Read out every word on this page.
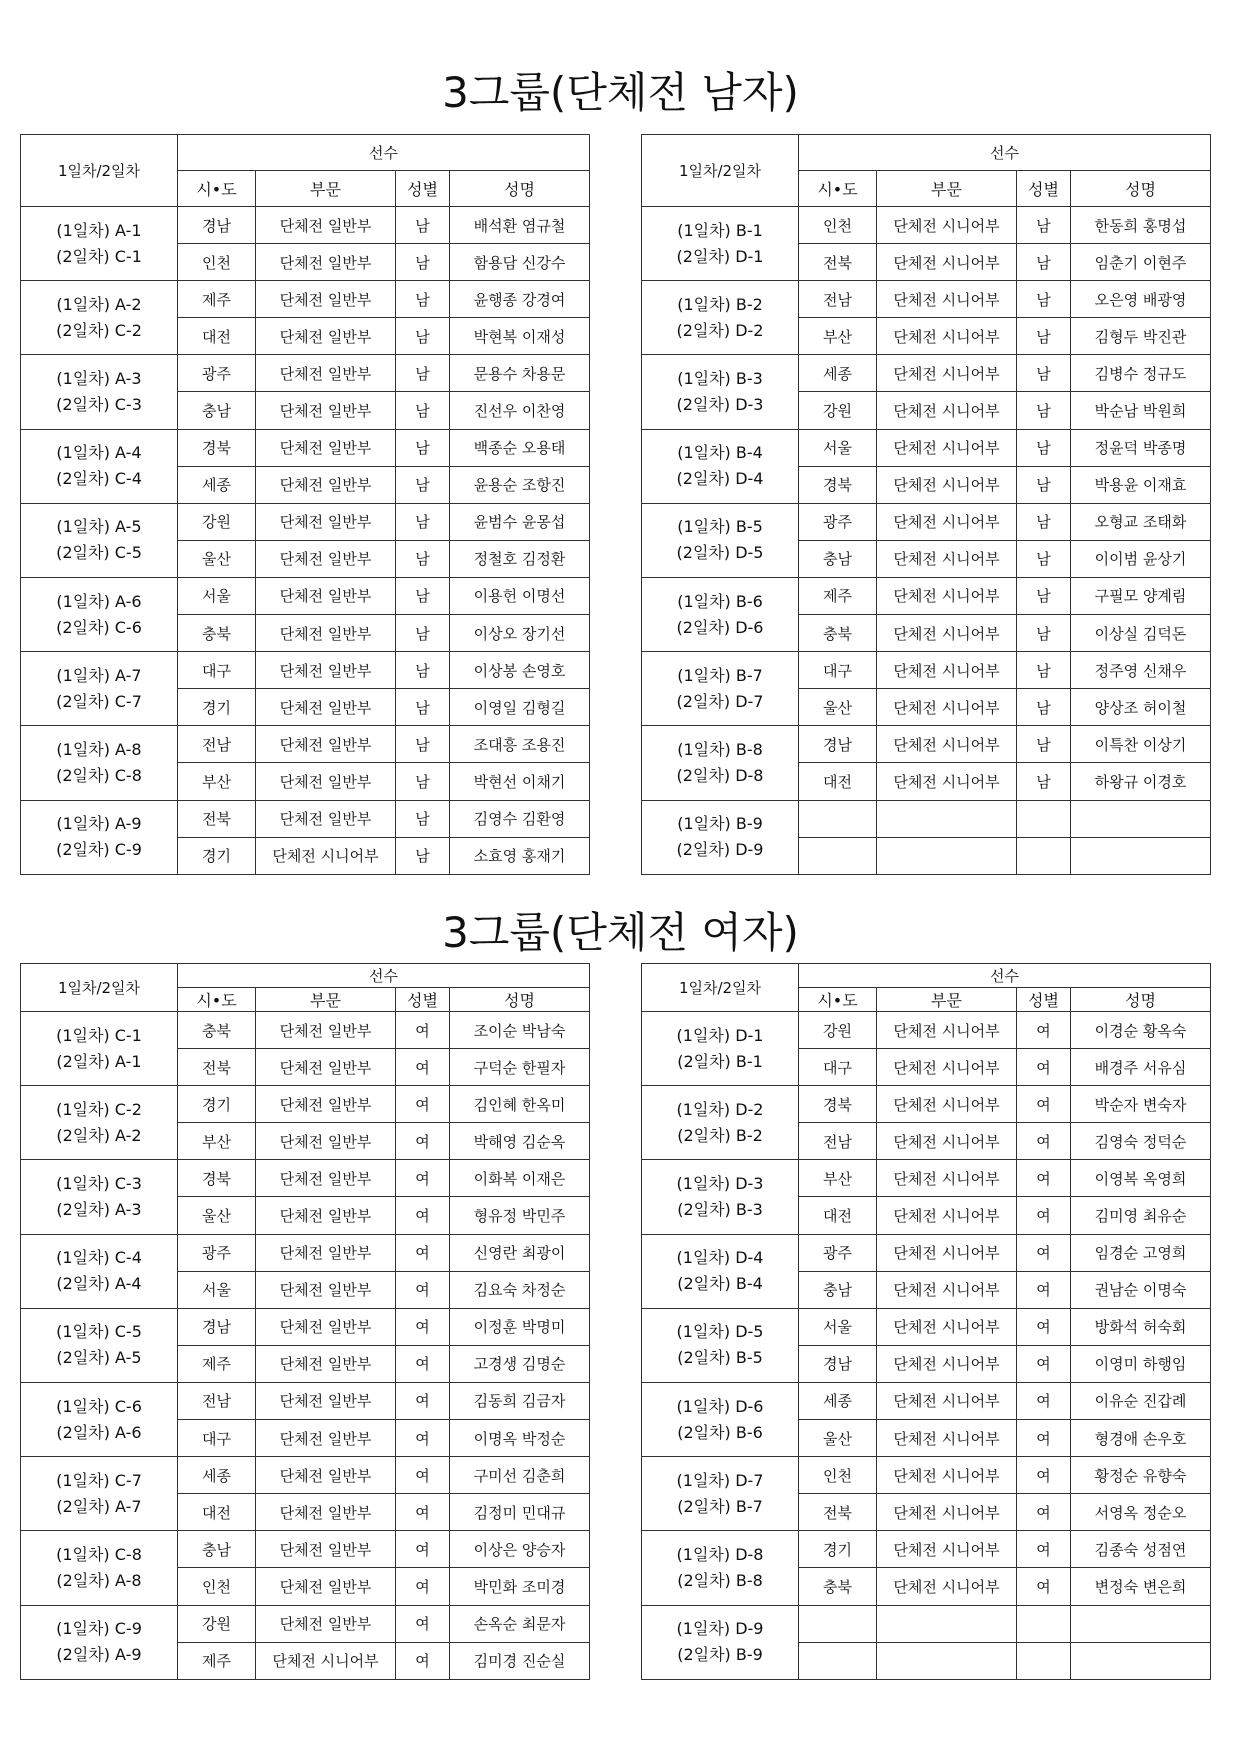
3그룹(단체전 남자)
3그룹(단체전 여자)
1일차/2일차	선수			
	시•도	부문	성별	성명

(1일차) A-1
(2일차) C-1	경남	단체전 일반부	남	배석환 염규철
	인천	단체전 일반부	남	함용담 신강수

(1일차) A-2
(2일차) C-2	제주	단체전 일반부	남	윤행종 강경여
	대전	단체전 일반부	남	박현복 이재성

(1일차) A-3
(2일차) C-3	광주	단체전 일반부	남	문용수 차용문
	충남	단체전 일반부	남	진선우 이찬영

(1일차) A-4
(2일차) C-4	경북	단체전 일반부	남	백종순 오용태
	세종	단체전 일반부	남	윤용순 조항진

(1일차) A-5
(2일차) C-5	강원	단체전 일반부	남	윤범수 윤몽섭
	울산	단체전 일반부	남	정철호 김정환

(1일차) A-6
(2일차) C-6	서울	단체전 일반부	남	이용헌 이명선
	충북	단체전 일반부	남	이상오 장기선

(1일차) A-7
(2일차) C-7	대구	단체전 일반부	남	이상봉 손영호
	경기	단체전 일반부	남	이영일 김형길

(1일차) A-8
(2일차) C-8	전남	단체전 일반부	남	조대흥 조용진
	부산	단체전 일반부	남	박현선 이채기

(1일차) A-9
(2일차) C-9	전북	단체전 일반부	남	김영수 김환영
	경기	단체전 시니어부	남	소효영 홍재기
1일차/2일차	선수			
	시•도	부문	성별	성명

(1일차) B-1
(2일차) D-1	인천	단체전 시니어부	남	한동희 홍명섭
	전북	단체전 시니어부	남	임춘기 이현주

(1일차) B-2
(2일차) D-2	전남	단체전 시니어부	남	오은영 배광영
	부산	단체전 시니어부	남	김형두 박진관

(1일차) B-3
(2일차) D-3	세종	단체전 시니어부	남	김병수 정규도
	강원	단체전 시니어부	남	박순남 박원희

(1일차) B-4
(2일차) D-4	서울	단체전 시니어부	남	정윤덕 박종명
	경북	단체전 시니어부	남	박용윤 이재효

(1일차) B-5
(2일차) D-5	광주	단체전 시니어부	남	오형교 조태화
	충남	단체전 시니어부	남	이이범 윤상기

(1일차) B-6
(2일차) D-6	제주	단체전 시니어부	남	구필모 양계림
	충북	단체전 시니어부	남	이상실 김덕돈

(1일차) B-7
(2일차) D-7	대구	단체전 시니어부	남	정주영 신채우
	울산	단체전 시니어부	남	양상조 허이철

(1일차) B-8
(2일차) D-8	경남	단체전 시니어부	남	이특찬 이상기
	대전	단체전 시니어부	남	하왕규 이경호

(1일차) B-9
(2일차) D-9				

1일차/2일차	선수			
	시•도	부문	성별	성명

(1일차) C-1
(2일차) A-1	충북	단체전 일반부	여	조이순 박남숙
	전북	단체전 일반부	여	구덕순 한필자

(1일차) C-2
(2일차) A-2	경기	단체전 일반부	여	김인혜 한옥미
	부산	단체전 일반부	여	박해영 김순옥

(1일차) C-3
(2일차) A-3	경북	단체전 일반부	여	이화복 이재은
	울산	단체전 일반부	여	형유정 박민주

(1일차) C-4
(2일차) A-4	광주	단체전 일반부	여	신영란 최광이
	서울	단체전 일반부	여	김요숙 차정순

(1일차) C-5
(2일차) A-5	경남	단체전 일반부	여	이정훈 박명미
	제주	단체전 일반부	여	고경생 김명순

(1일차) C-6
(2일차) A-6	전남	단체전 일반부	여	김동희 김금자
	대구	단체전 일반부	여	이명옥 박정순

(1일차) C-7
(2일차) A-7	세종	단체전 일반부	여	구미선 김춘희
	대전	단체전 일반부	여	김정미 민대규

(1일차) C-8
(2일차) A-8	충남	단체전 일반부	여	이상은 양승자
	인천	단체전 일반부	여	박민화 조미경

(1일차) C-9
(2일차) A-9	강원	단체전 일반부	여	손옥순 최문자
	제주	단체전 시니어부	여	김미경 진순실
1일차/2일차	선수			
	시•도	부문	성별	성명

(1일차) D-1
(2일차) B-1	강원	단체전 시니어부	여	이경순 황옥숙
	대구	단체전 시니어부	여	배경주 서유심

(1일차) D-2
(2일차) B-2	경북	단체전 시니어부	여	박순자 변숙자
	전남	단체전 시니어부	여	김영숙 정덕순

(1일차) D-3
(2일차) B-3	부산	단체전 시니어부	여	이영복 옥영희
	대전	단체전 시니어부	여	김미영 최유순

(1일차) D-4
(2일차) B-4	광주	단체전 시니어부	여	임경순 고영희
	충남	단체전 시니어부	여	권남순 이명숙

(1일차) D-5
(2일차) B-5	서울	단체전 시니어부	여	방화석 허숙회
	경남	단체전 시니어부	여	이영미 하행임

(1일차) D-6
(2일차) B-6	세종	단체전 시니어부	여	이유순 진갑례
	울산	단체전 시니어부	여	형경애 손우호

(1일차) D-7
(2일차) B-7	인천	단체전 시니어부	여	황정순 유향숙
	전북	단체전 시니어부	여	서영옥 정순오

(1일차) D-8
(2일차) B-8	경기	단체전 시니어부	여	김종숙 성점연
	충북	단체전 시니어부	여	변정숙 변은희

(1일차) D-9
(2일차) B-9				
